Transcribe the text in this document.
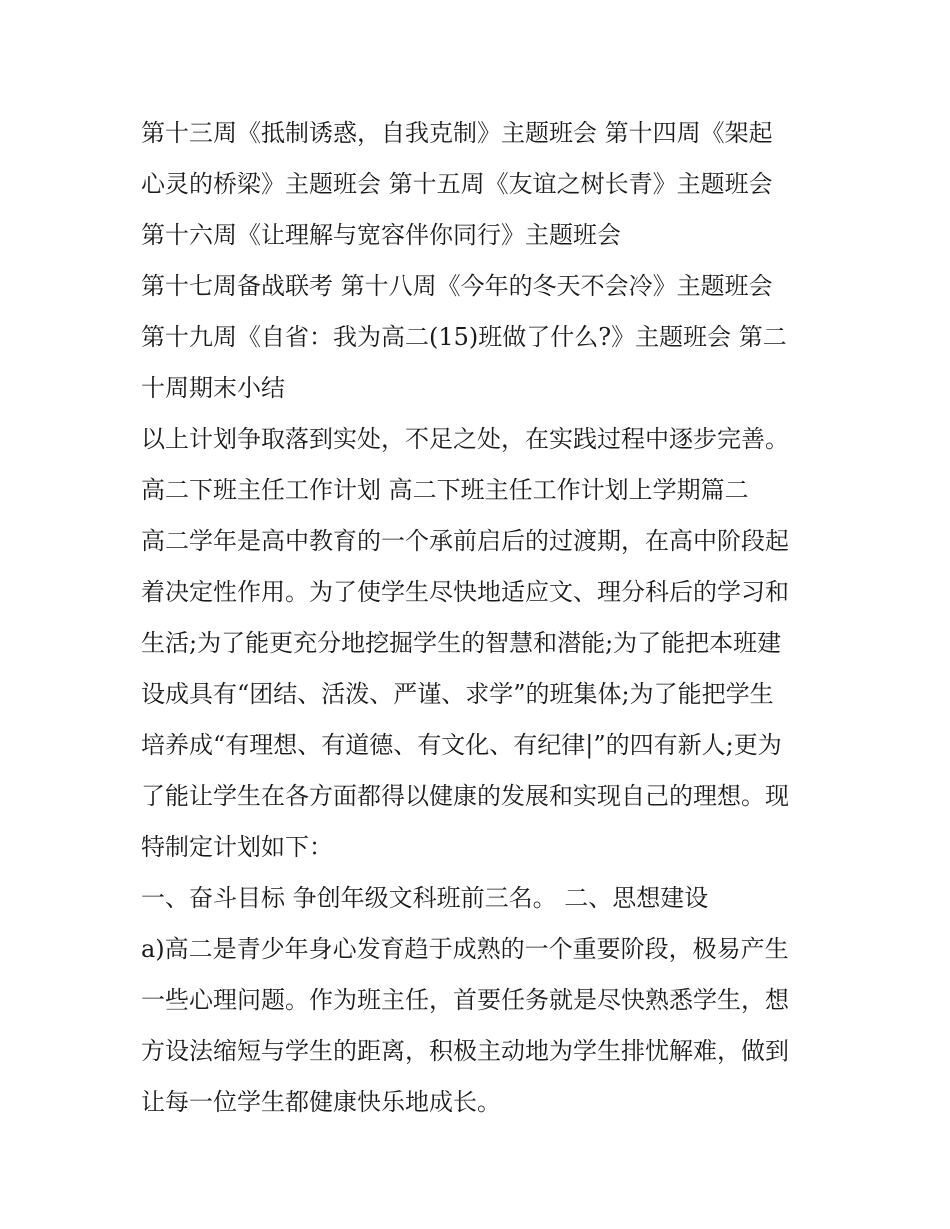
第十三周《抵制诱惑，自我克制》主题班会 第十四周《架起
心灵的桥梁》主题班会 第十五周《友谊之树长青》主题班会
第十六周《让理解与宽容伴你同行》主题班会
第十七周备战联考 第十八周《今年的冬天不会冷》主题班会
第十九周《自省：我为高二(15)班做了什么?》主题班会 第二
十周期末小结
以上计划争取落到实处，不足之处，在实践过程中逐步完善。
高二下班主任工作计划 高二下班主任工作计划上学期篇二
高二学年是高中教育的一个承前启后的过渡期，在高中阶段起
着决定性作用。为了使学生尽快地适应文、理分科后的学习和
生活;为了能更充分地挖掘学生的智慧和潜能;为了能把本班建
设成具有“团结、活泼、严谨、求学”的班集体;为了能把学生
培养成“有理想、有道德、有文化、有纪律|”的四有新人;更为
了能让学生在各方面都得以健康的发展和实现自己的理想。现
特制定计划如下：
一、奋斗目标 争创年级文科班前三名。 二、思想建设
a)高二是青少年身心发育趋于成熟的一个重要阶段，极易产生
一些心理问题。作为班主任，首要任务就是尽快熟悉学生，想
方设法缩短与学生的距离，积极主动地为学生排忧解难，做到
让每一位学生都健康快乐地成长。
